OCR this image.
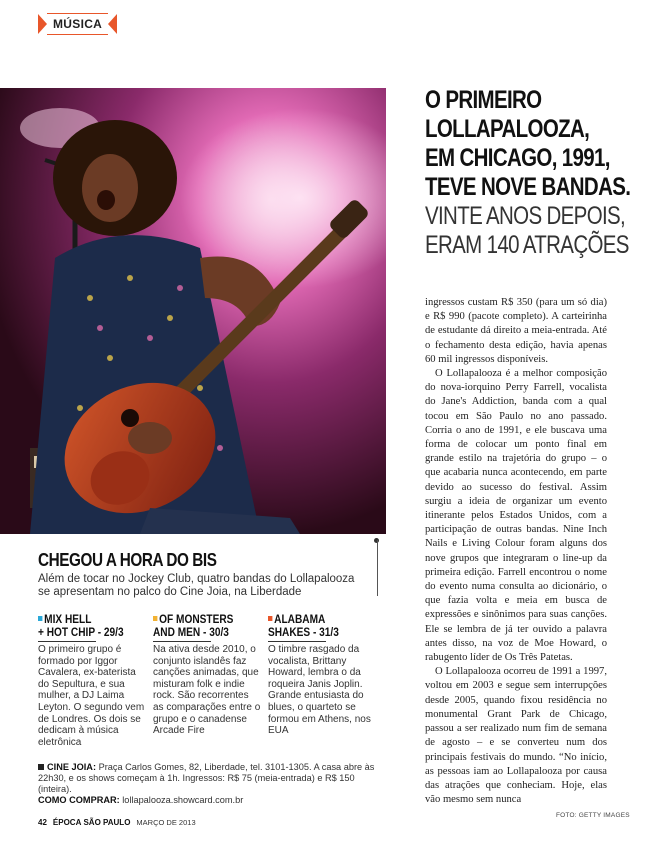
MÚSICA
O PRIMEIRO
LOLLAPALOOZA,
EM CHICAGO, 1991,
TEVE NOVE BANDAS.
VINTE ANOS DEPOIS,
ERAM 140 ATRAÇÕES

ingressos custam R$ 350 (para um só dia) e R$ 990 (pacote completo). A carteirinha de estudante dá direito a meia-entrada. Até o fechamento desta edição, havia apenas 60 mil ingressos disponíveis.

O Lollapalooza é a melhor composição do nova-iorquino Perry Farrell, vocalista do Jane's Addiction, banda com a qual tocou em São Paulo no ano passado. Corria o ano de 1991, e ele buscava uma forma de colocar um ponto final em grande estilo na trajetória do grupo – o que acabaria nunca acontecendo, em parte devido ao sucesso do festival. Assim surgiu a ideia de organizar um evento itinerante pelos Estados Unidos, com a participação de outras bandas. Nine Inch Nails e Living Colour foram alguns dos nove grupos que integraram o line-up da primeira edição. Farrell encontrou o nome do evento numa consulta ao dicionário, o que fazia volta e meia em busca de expressões e sinônimos para suas canções. Ele se lembra de já ter ouvido a palavra antes disso, na voz de Moe Howard, o rabugento líder de Os Três Patetas.

O Lollapalooza ocorreu de 1991 a 1997, voltou em 2003 e segue sem interrupções desde 2005, quando fixou residência no monumental Grant Park de Chicago, passou a ser realizado num fim de semana de agosto – e se converteu num dos principais festivais do mundo. “No início, as pessoas iam ao Lollapalooza por causa das atrações que conheciam. Hoje, elas vão mesmo sem nunca

CHEGOU A HORA DO BIS
Além de tocar no Jockey Club, quatro bandas do Lollapalooza se apresentam no palco do Cine Joia, na Liberdade
MIX HELL
+ HOT CHIP - 29/3
O primeiro grupo é formado por Iggor Cavalera, ex-baterista do Sepultura, e sua mulher, a DJ Laima Leyton. O segundo vem de Londres. Os dois se dedicam à música eletrônica
OF MONSTERS
AND MEN - 30/3
Na ativa desde 2010, o conjunto islandês faz canções animadas, que misturam folk e indie rock. São recorrentes as comparações entre o grupo e o canadense Arcade Fire
ALABAMA
SHAKES - 31/3
O timbre rasgado da vocalista, Brittany Howard, lembra o da roqueira Janis Joplin. Grande entusiasta do blues, o quarteto se formou em Athens, nos EUA
CINE JOIA: Praça Carlos Gomes, 82, Liberdade, tel. 3101-1305. A casa abre às 22h30, e os shows começam à 1h. Ingressos: R$ 75 (meia-entrada) e R$ 150 (inteira).
COMO COMPRAR: lollapalooza.showcard.com.br
42 ÉPOCA SÃO PAULO MARÇO DE 2013
FOTO: GETTY IMAGES
